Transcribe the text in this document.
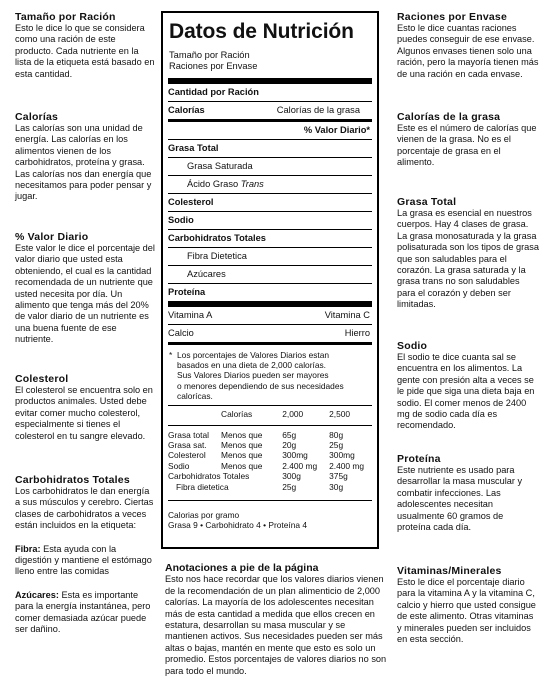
Tamaño por Ración
Esto le dice lo que se considera como una ración de este producto. Cada nutriente en la lista de la etiqueta está basado en esta cantidad.
Calorías
Las calorías son una unidad de energía. Las calorías en los alimentos vienen de los carbohidratos, proteína y grasa. Las calorías nos dan energía que necesitamos para poder pensar y jugar.
% Valor Diario
Este valor le dice el porcentaje del valor diario que usted esta obteniendo, el cual es la cantidad recomendada de un nutriente que usted necesita por día. Un alimento que tenga más del 20% de valor diario de un nutriente es una buena fuente de ese nutriente.
Colesterol
El colesterol se encuentra solo en productos animales. Usted debe evitar comer mucho colesterol, especialmente si tienes el colesterol en tu sangre elevado.
Carbohidratos Totales
Los carbohidratos le dan energía a sus músculos y cerebro. Ciertas clases de carbohidratos a veces están incluidos en la etiqueta:
Fibra: Esta ayuda con la digestión y mantiene el estómago lleno entre las comidas
Azúcares: Esta es importante para la energía instantánea, pero comer demasiada azúcar puede ser dañino.
Raciones por Envase
Esto le dice cuantas raciones puedes conseguir de ese envase. Algunos envases tienen solo una ración, pero la mayoría tienen más de una ración en cada envase.
Calorías de la grasa
Este es el número de calorías que vienen de la grasa. No es el porcentaje de grasa en el alimento.
Grasa Total
La grasa es esencial en nuestros cuerpos. Hay 4 clases de grasa. La grasa monosaturada y la grasa polisaturada son los tipos de grasa que son saludables para el corazón. La grasa saturada y la grasa trans no son saludables para el corazón y deben ser limitadas.
Sodio
El sodio te dice cuanta sal se encuentra en los alimentos. La gente con presión alta a veces se le pide que siga una dieta baja en sodio. El comer menos de 2400 mg de sodio cada día es recomendado.
Proteína
Este nutriente es usado para desarrollar la masa muscular y combatir infecciones. Las adolescentes necesitan usualmente 60 gramos de proteína cada día.
Vitaminas/Minerales
Esto le dice el porcentaje diario para la vitamina A y la vitamina C, calcio y hierro que usted consigue de este alimento. Otras vitaminas y minerales pueden ser incluidos en esta sección.
Anotaciones a pie de la página
Esto nos hace recordar que los valores diarios vienen de la recomendación de un plan alimenticio de 2,000 calorías. La mayoría de los adolescentes necesitan más de esta cantidad a medida que ellos crecen en estatura, desarrollan su masa muscular y se mantienen activos. Sus necesidades pueden ser más altas o bajas, mantén en mente que esto es solo un promedio. Estos porcentajes de valores diarios no son para todo el mundo.
Datos de Nutrición
Tamaño por Ración
Raciones por Envase
Cantidad por Ración
Calorías	Calorías de la grasa
% Valor Diario*
Grasa Total
Grasa Saturada
Ácido Graso Trans
Colesterol
Sodio
Carbohidratos Totales
Fibra Dietetica
Azúcares
Proteína
Vitamina A	Vitamina C
Calcio	Hierro
* Los porcentajes de Valores Diarios estan
basados en una dieta de 2,000 calorías.
Sus Valores Diarios pueden ser mayores
o menores dependiendo de sus necesidades
calorícas.
	Calorías	2,000	2,500

Grasa total	Menos que	65g	80g
Grasa sat.	Menos que	20g	25g
Colesterol	Menos que	300mg	300mg
Sodio	Menos que	2.400 mg	2.400 mg
Carbohidratos Totales		300g	375g
Fibra dietetica		25g	30g
Calorias por gramo
Grasa 9 • Carbohidrato 4 • Proteína 4
